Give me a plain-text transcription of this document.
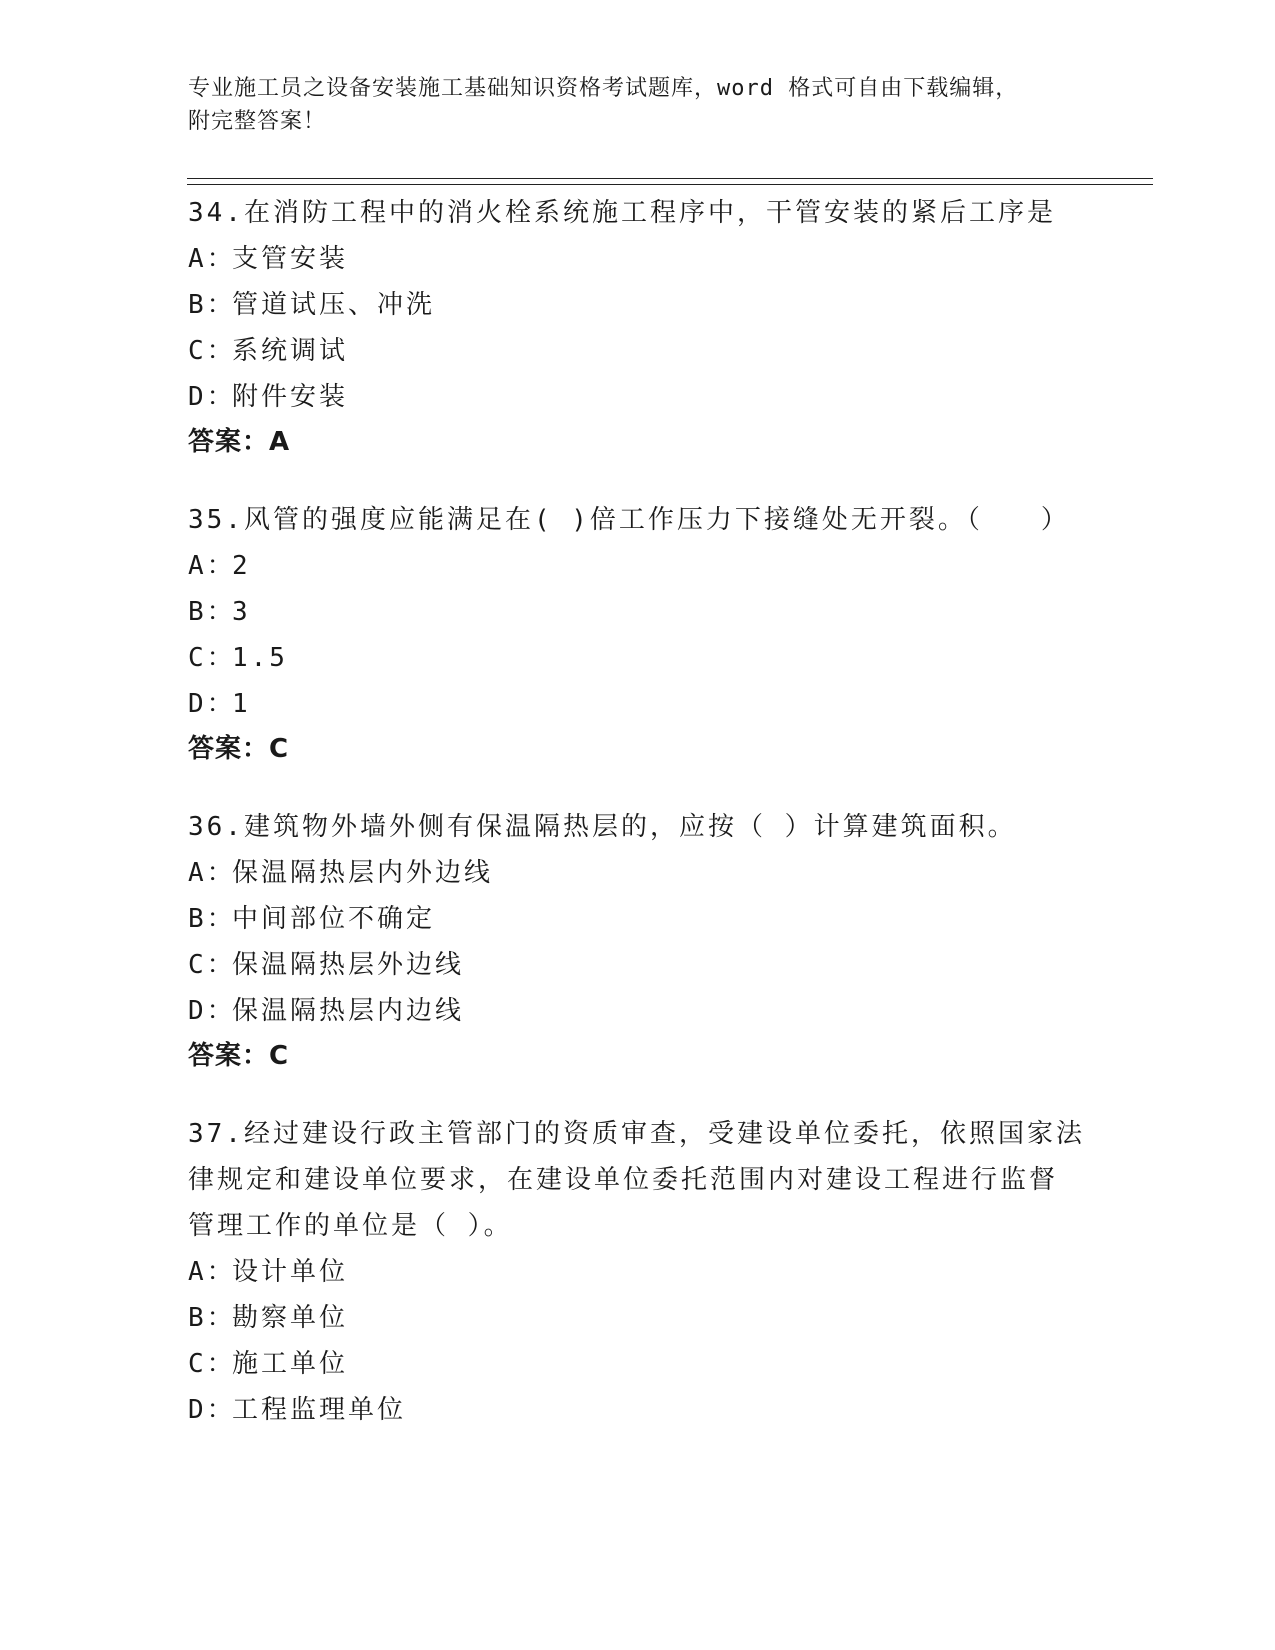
专业施工员之设备安装施工基础知识资格考试题库，word 格式可自由下载编辑，
附完整答案！

34.在消防工程中的消火栓系统施工程序中，干管安装的紧后工序是

A：支管安装

B：管道试压、冲洗

C：系统调试

D：附件安装

答案：A

35.风管的强度应能满足在( )倍工作压力下接缝处无开裂。（　　）

A：2

B：3

C：1.5

D：1

答案：C

36.建筑物外墙外侧有保温隔热层的，应按（ ）计算建筑面积。

A：保温隔热层内外边线

B：中间部位不确定

C：保温隔热层外边线

D：保温隔热层内边线

答案：C

37.经过建设行政主管部门的资质审查，受建设单位委托，依照国家法

律规定和建设单位要求，在建设单位委托范围内对建设工程进行监督

管理工作的单位是（ ）。

A：设计单位

B：勘察单位

C：施工单位

D：工程监理单位
